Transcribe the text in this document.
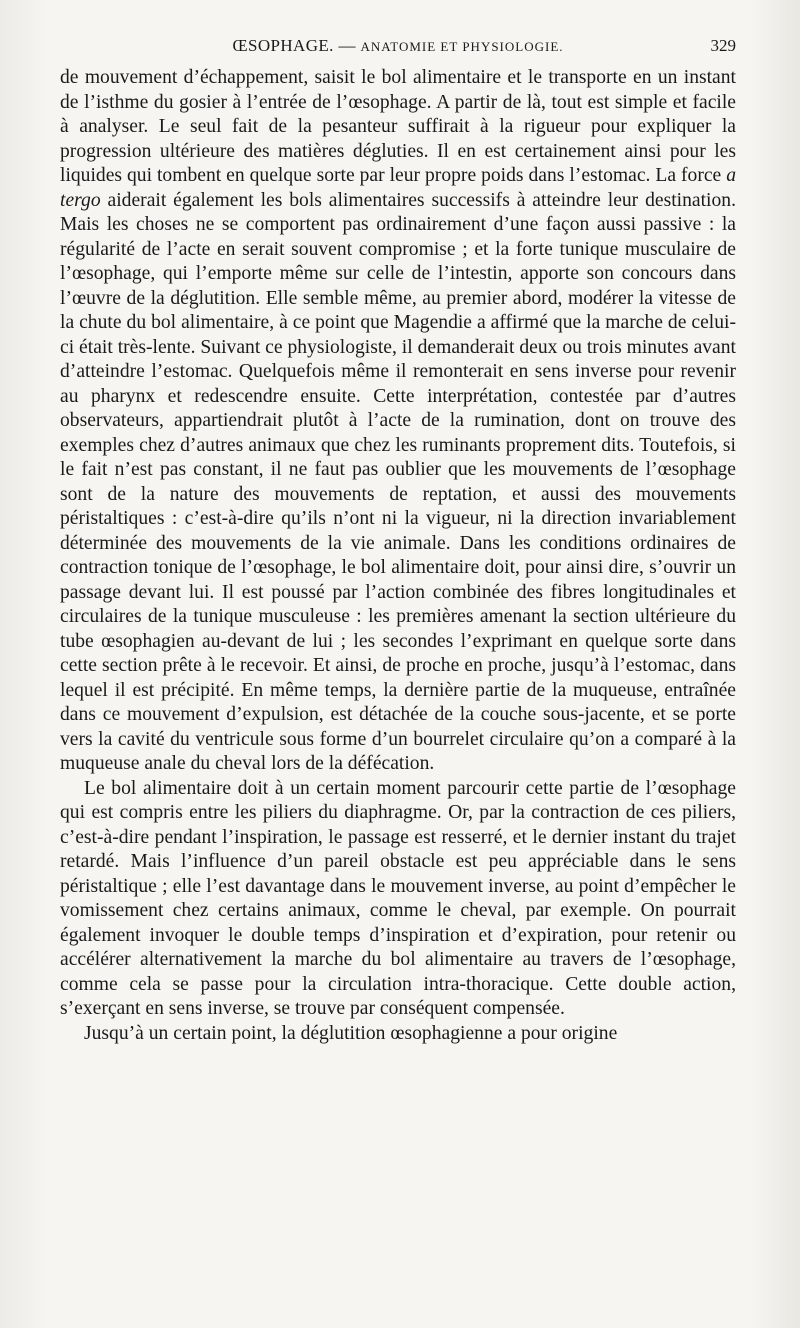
ŒSOPHAGE. — ANATOMIE ET PHYSIOLOGIE.	329

de mouvement d’échappement, saisit le bol alimentaire et le transporte en un instant de l’isthme du gosier à l’entrée de l’œsophage. A partir de là, tout est simple et facile à analyser. Le seul fait de la pesanteur suffirait à la rigueur pour expliquer la progression ultérieure des matières dégluties. Il en est certainement ainsi pour les liquides qui tombent en quelque sorte par leur propre poids dans l’estomac. La force a tergo aiderait également les bols alimentaires successifs à atteindre leur destination. Mais les choses ne se comportent pas ordinairement d’une façon aussi passive : la régularité de l’acte en serait souvent compromise ; et la forte tunique musculaire de l’œsophage, qui l’emporte même sur celle de l’intestin, apporte son concours dans l’œuvre de la déglutition. Elle semble même, au premier abord, modérer la vitesse de la chute du bol alimentaire, à ce point que Magendie a affirmé que la marche de celui-ci était très-lente. Suivant ce physiologiste, il demanderait deux ou trois minutes avant d’atteindre l’estomac. Quelquefois même il remonterait en sens inverse pour revenir au pharynx et redescendre ensuite. Cette interprétation, contestée par d’autres observateurs, appartiendrait plutôt à l’acte de la rumination, dont on trouve des exemples chez d’autres animaux que chez les ruminants proprement dits. Toutefois, si le fait n’est pas constant, il ne faut pas oublier que les mouvements de l’œsophage sont de la nature des mouvements de reptation, et aussi des mouvements péristaltiques : c’est-à-dire qu’ils n’ont ni la vigueur, ni la direction invariablement déterminée des mouvements de la vie animale. Dans les conditions ordinaires de contraction tonique de l’œsophage, le bol alimentaire doit, pour ainsi dire, s’ouvrir un passage devant lui. Il est poussé par l’action combinée des fibres longitudinales et circulaires de la tunique musculeuse : les premières amenant la section ultérieure du tube œsophagien au-devant de lui ; les secondes l’exprimant en quelque sorte dans cette section prête à le recevoir. Et ainsi, de proche en proche, jusqu’à l’estomac, dans lequel il est précipité. En même temps, la dernière partie de la muqueuse, entraînée dans ce mouvement d’expulsion, est détachée de la couche sous-jacente, et se porte vers la cavité du ventricule sous forme d’un bourrelet circulaire qu’on a comparé à la muqueuse anale du cheval lors de la défécation.

Le bol alimentaire doit à un certain moment parcourir cette partie de l’œsophage qui est compris entre les piliers du diaphragme. Or, par la contraction de ces piliers, c’est-à-dire pendant l’inspiration, le passage est resserré, et le dernier instant du trajet retardé. Mais l’influence d’un pareil obstacle est peu appréciable dans le sens péristaltique ; elle l’est davantage dans le mouvement inverse, au point d’empêcher le vomissement chez certains animaux, comme le cheval, par exemple. On pourrait également invoquer le double temps d’inspiration et d’expiration, pour retenir ou accélérer alternativement la marche du bol alimentaire au travers de l’œsophage, comme cela se passe pour la circulation intra-thoracique. Cette double action, s’exerçant en sens inverse, se trouve par conséquent compensée.

Jusqu’à un certain point, la déglutition œsophagienne a pour origine
